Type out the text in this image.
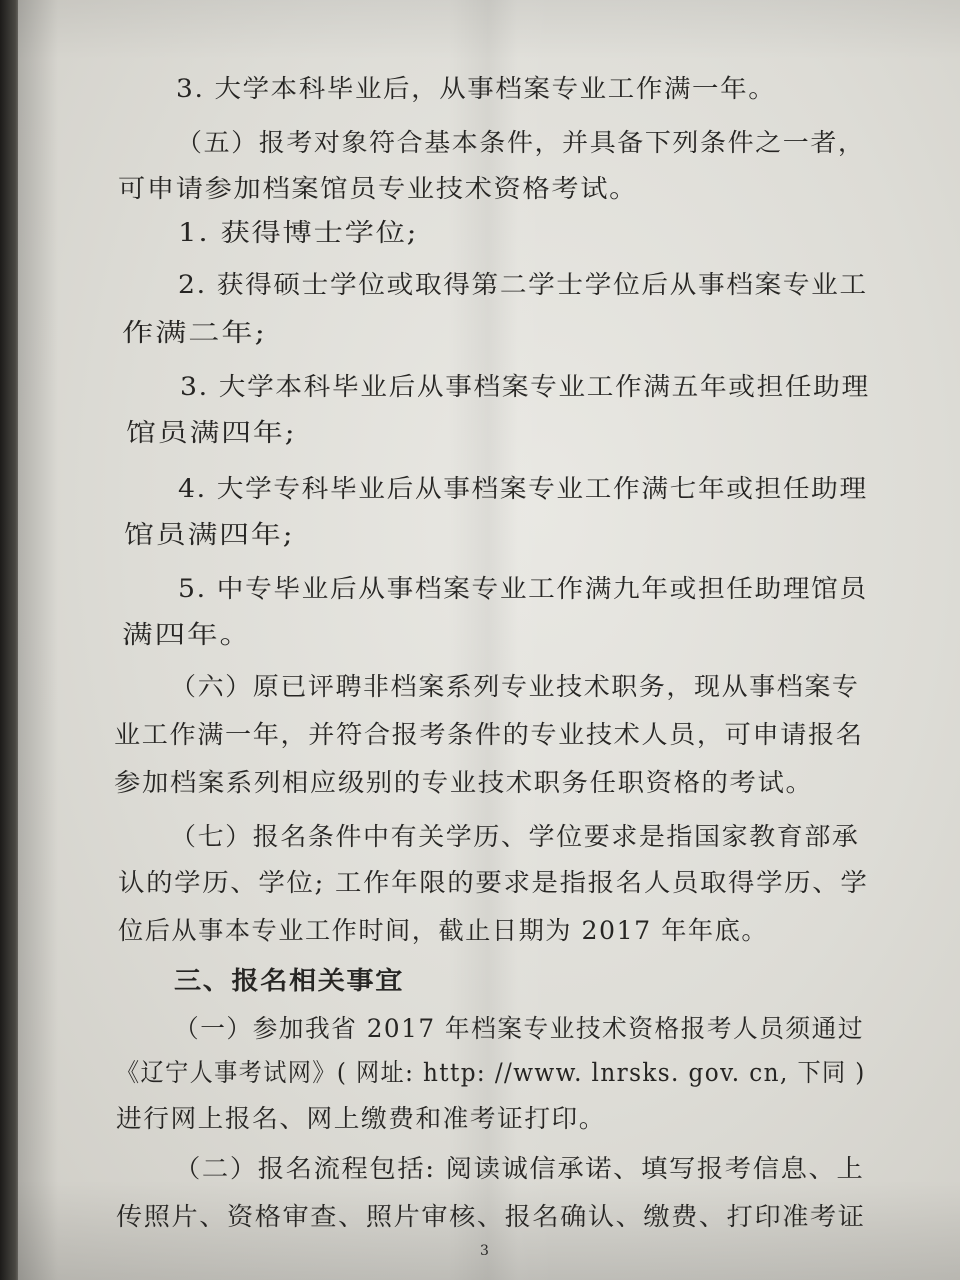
3. 大学本科毕业后，从事档案专业工作满一年。
（五）报考对象符合基本条件，并具备下列条件之一者，
可申请参加档案馆员专业技术资格考试。
1. 获得博士学位;
2. 获得硕士学位或取得第二学士学位后从事档案专业工
作满二年;
3. 大学本科毕业后从事档案专业工作满五年或担任助理
馆员满四年;
4. 大学专科毕业后从事档案专业工作满七年或担任助理
馆员满四年;
5. 中专毕业后从事档案专业工作满九年或担任助理馆员
满四年。
（六）原已评聘非档案系列专业技术职务，现从事档案专
业工作满一年，并符合报考条件的专业技术人员，可申请报名
参加档案系列相应级别的专业技术职务任职资格的考试。
（七）报名条件中有关学历、学位要求是指国家教育部承
认的学历、学位; 工作年限的要求是指报名人员取得学历、学
位后从事本专业工作时间，截止日期为 2017 年年底。
三、报名相关事宜
（一）参加我省 2017 年档案专业技术资格报考人员须通过
《辽宁人事考试网》( 网址: http: //www. lnrsks. gov. cn, 下同 )
进行网上报名、网上缴费和准考证打印。
（二）报名流程包括: 阅读诚信承诺、填写报考信息、上
传照片、资格审查、照片审核、报名确认、缴费、打印准考证
3
